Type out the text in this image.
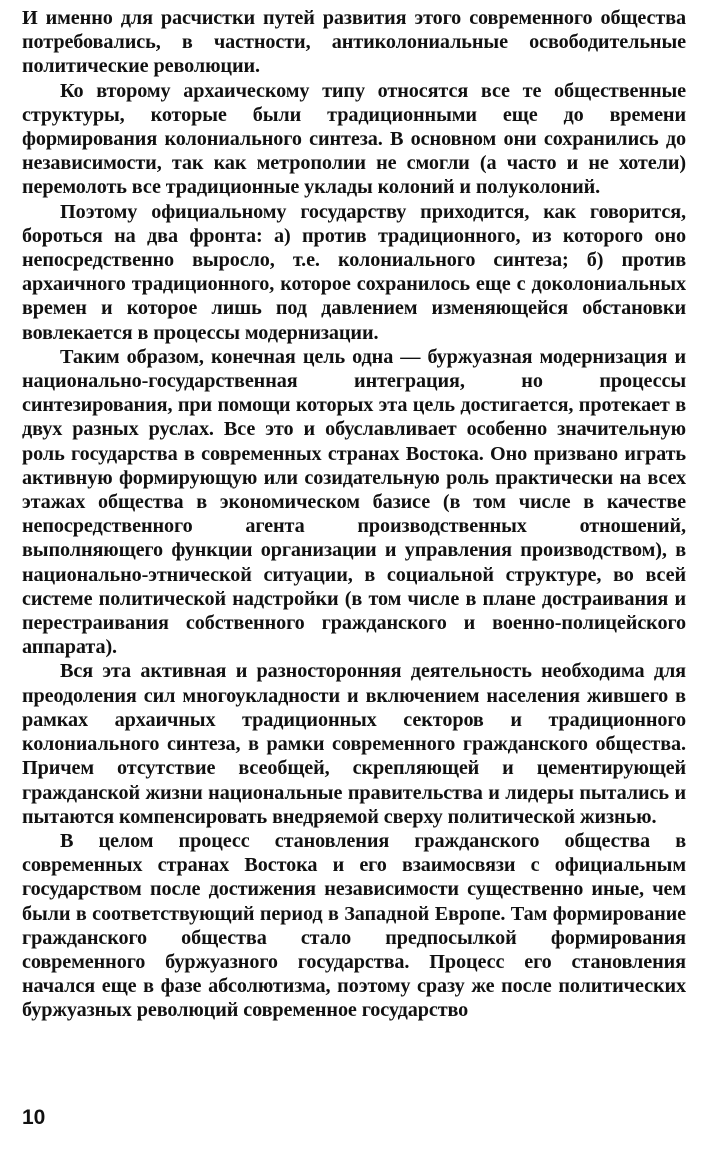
И именно для расчистки путей развития этого современного общества потребовались, в частности, антиколониальные освободительные политические революции.

Ко второму архаическому типу относятся все те общественные структуры, которые были традиционными еще до времени формирования колониального синтеза. В основном они сохранились до независимости, так как метрополии не смогли (а часто и не хотели) перемолоть все традиционные уклады колоний и полуколоний.

Поэтому официальному государству приходится, как говорится, бороться на два фронта: а) против традиционного, из которого оно непосредственно выросло, т.е. колониального синтеза; б) против архаичного традиционного, которое сохранилось еще с доколониальных времен и которое лишь под давлением изменяющейся обстановки вовлекается в процессы модернизации.

Таким образом, конечная цель одна — буржуазная модернизация и национально-государственная интеграция, но процессы синтезирования, при помощи которых эта цель достигается, протекает в двух разных руслах. Все это и обуславливает особенно значительную роль государства в современных странах Востока. Оно призвано играть активную формирующую или созидательную роль практически на всех этажах общества в экономическом базисе (в том числе в качестве непосредственного агента производственных отношений, выполняющего функции организации и управления производством), в национально-этнической ситуации, в социальной структуре, во всей системе политической надстройки (в том числе в плане достраивания и перестраивания собственного гражданского и военно-полицейского аппарата).

Вся эта активная и разносторонняя деятельность необходима для преодоления сил многоукладности и включением населения жившего в рамках архаичных традиционных секторов и традиционного колониального синтеза, в рамки современного гражданского общества. Причем отсутствие всеобщей, скрепляющей и цементирующей гражданской жизни национальные правительства и лидеры пытались и пытаются компенсировать внедряемой сверху политической жизнью.

В целом процесс становления гражданского общества в современных странах Востока и его взаимосвязи с официальным государством после достижения независимости существенно иные, чем были в соответствующий период в Западной Европе. Там формирование гражданского общества стало предпосылкой формирования современного буржуазного государства. Процесс его становления начался еще в фазе абсолютизма, поэтому сразу же после политических буржуазных революций современное государство

10
